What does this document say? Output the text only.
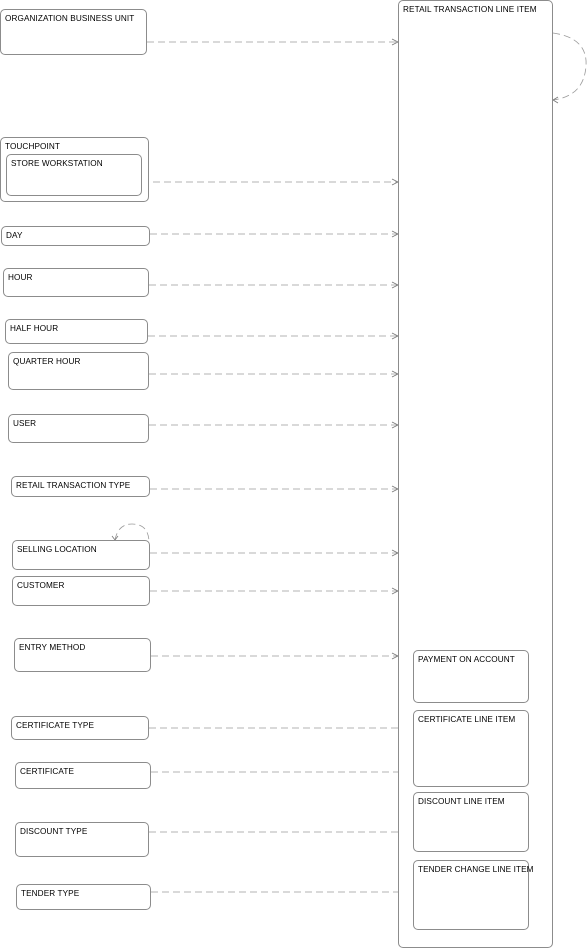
RETAIL TRANSACTION LINE ITEM
ORGANIZATION BUSINESS UNIT
TOUCHPOINT
STORE WORKSTATION
DAY
HOUR
HALF HOUR
QUARTER HOUR
USER
RETAIL TRANSACTION TYPE
SELLING LOCATION
CUSTOMER
ENTRY METHOD
CERTIFICATE TYPE
CERTIFICATE
DISCOUNT TYPE
TENDER TYPE
PAYMENT ON ACCOUNT
CERTIFICATE LINE ITEM
DISCOUNT LINE ITEM
TENDER CHANGE LINE ITEM
